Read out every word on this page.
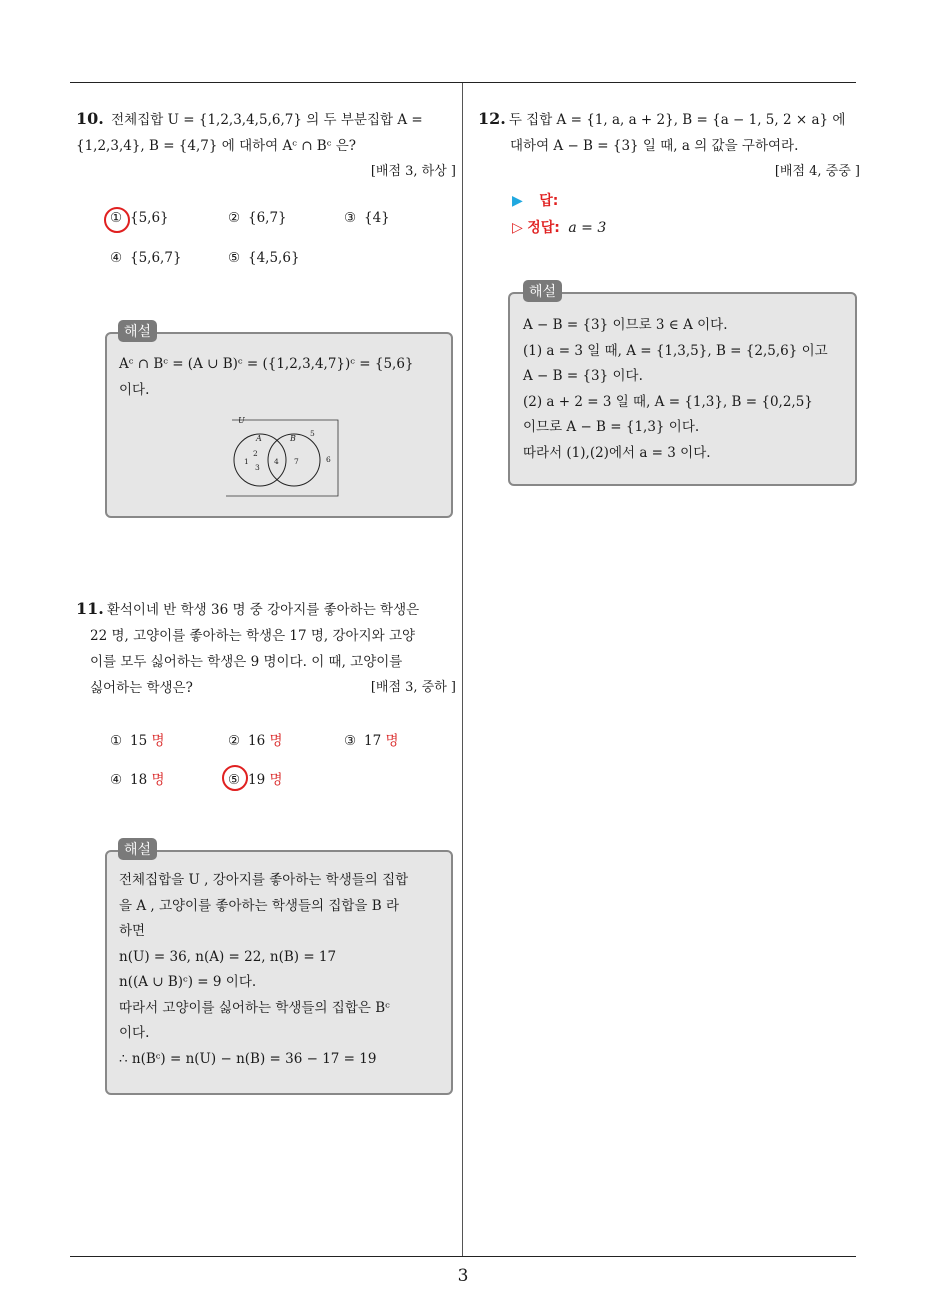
3
10. 전체집합 U = {1,2,3,4,5,6,7} 의 두 부분집합 A = {1,2,3,4}, B = {4,7} 에 대하여 Aᶜ ∩ Bᶜ 은?
[배점 3, 하상 ]
① {5,6}	② {6,7}	③ {4}
④ {5,6,7}	⑤ {4,5,6}
Aᶜ ∩ Bᶜ = (A ∪ B)ᶜ = ({1,2,3,4,7})ᶜ = {5,6}
이다.
U
A	B
1
2
3
4 7
5
6
해설
11. 환석이네 반 학생 36 명 중 강아지를 좋아하는 학생은
22 명, 고양이를 좋아하는 학생은 17 명, 강아지와 고양
이를 모두 싫어하는 학생은 9 명이다. 이 때, 고양이를
싫어하는 학생은?	[배점 3, 중하 ]
① 15 명	② 16 명	③ 17 명
④ 18 명	⑤ 19 명
전체집합을 U , 강아지를 좋아하는 학생들의 집합
을 A , 고양이를 좋아하는 학생들의 집합을 B 라
하면
n(U) = 36, n(A) = 22, n(B) = 17
n((A ∪ B)ᶜ) = 9 이다.
따라서 고양이를 싫어하는 학생들의 집합은 Bᶜ
이다.
∴ n(Bᶜ) = n(U) − n(B) = 36 − 17 = 19
해설
12. 두 집합 A = {1, a, a + 2}, B = {a − 1, 5, 2 × a} 에
대하여 A − B = {3} 일 때, a 의 값을 구하여라.
[배점 4, 중중 ]
▶ 답:
▷ 정답: a = 3
A − B = {3} 이므로 3 ∈ A 이다.
(1) a = 3 일 때, A = {1,3,5}, B = {2,5,6} 이고
A − B = {3} 이다.
(2) a + 2 = 3 일 때, A = {1,3}, B = {0,2,5}
이므로 A − B = {1,3} 이다.
따라서 (1),(2)에서 a = 3 이다.
해설
